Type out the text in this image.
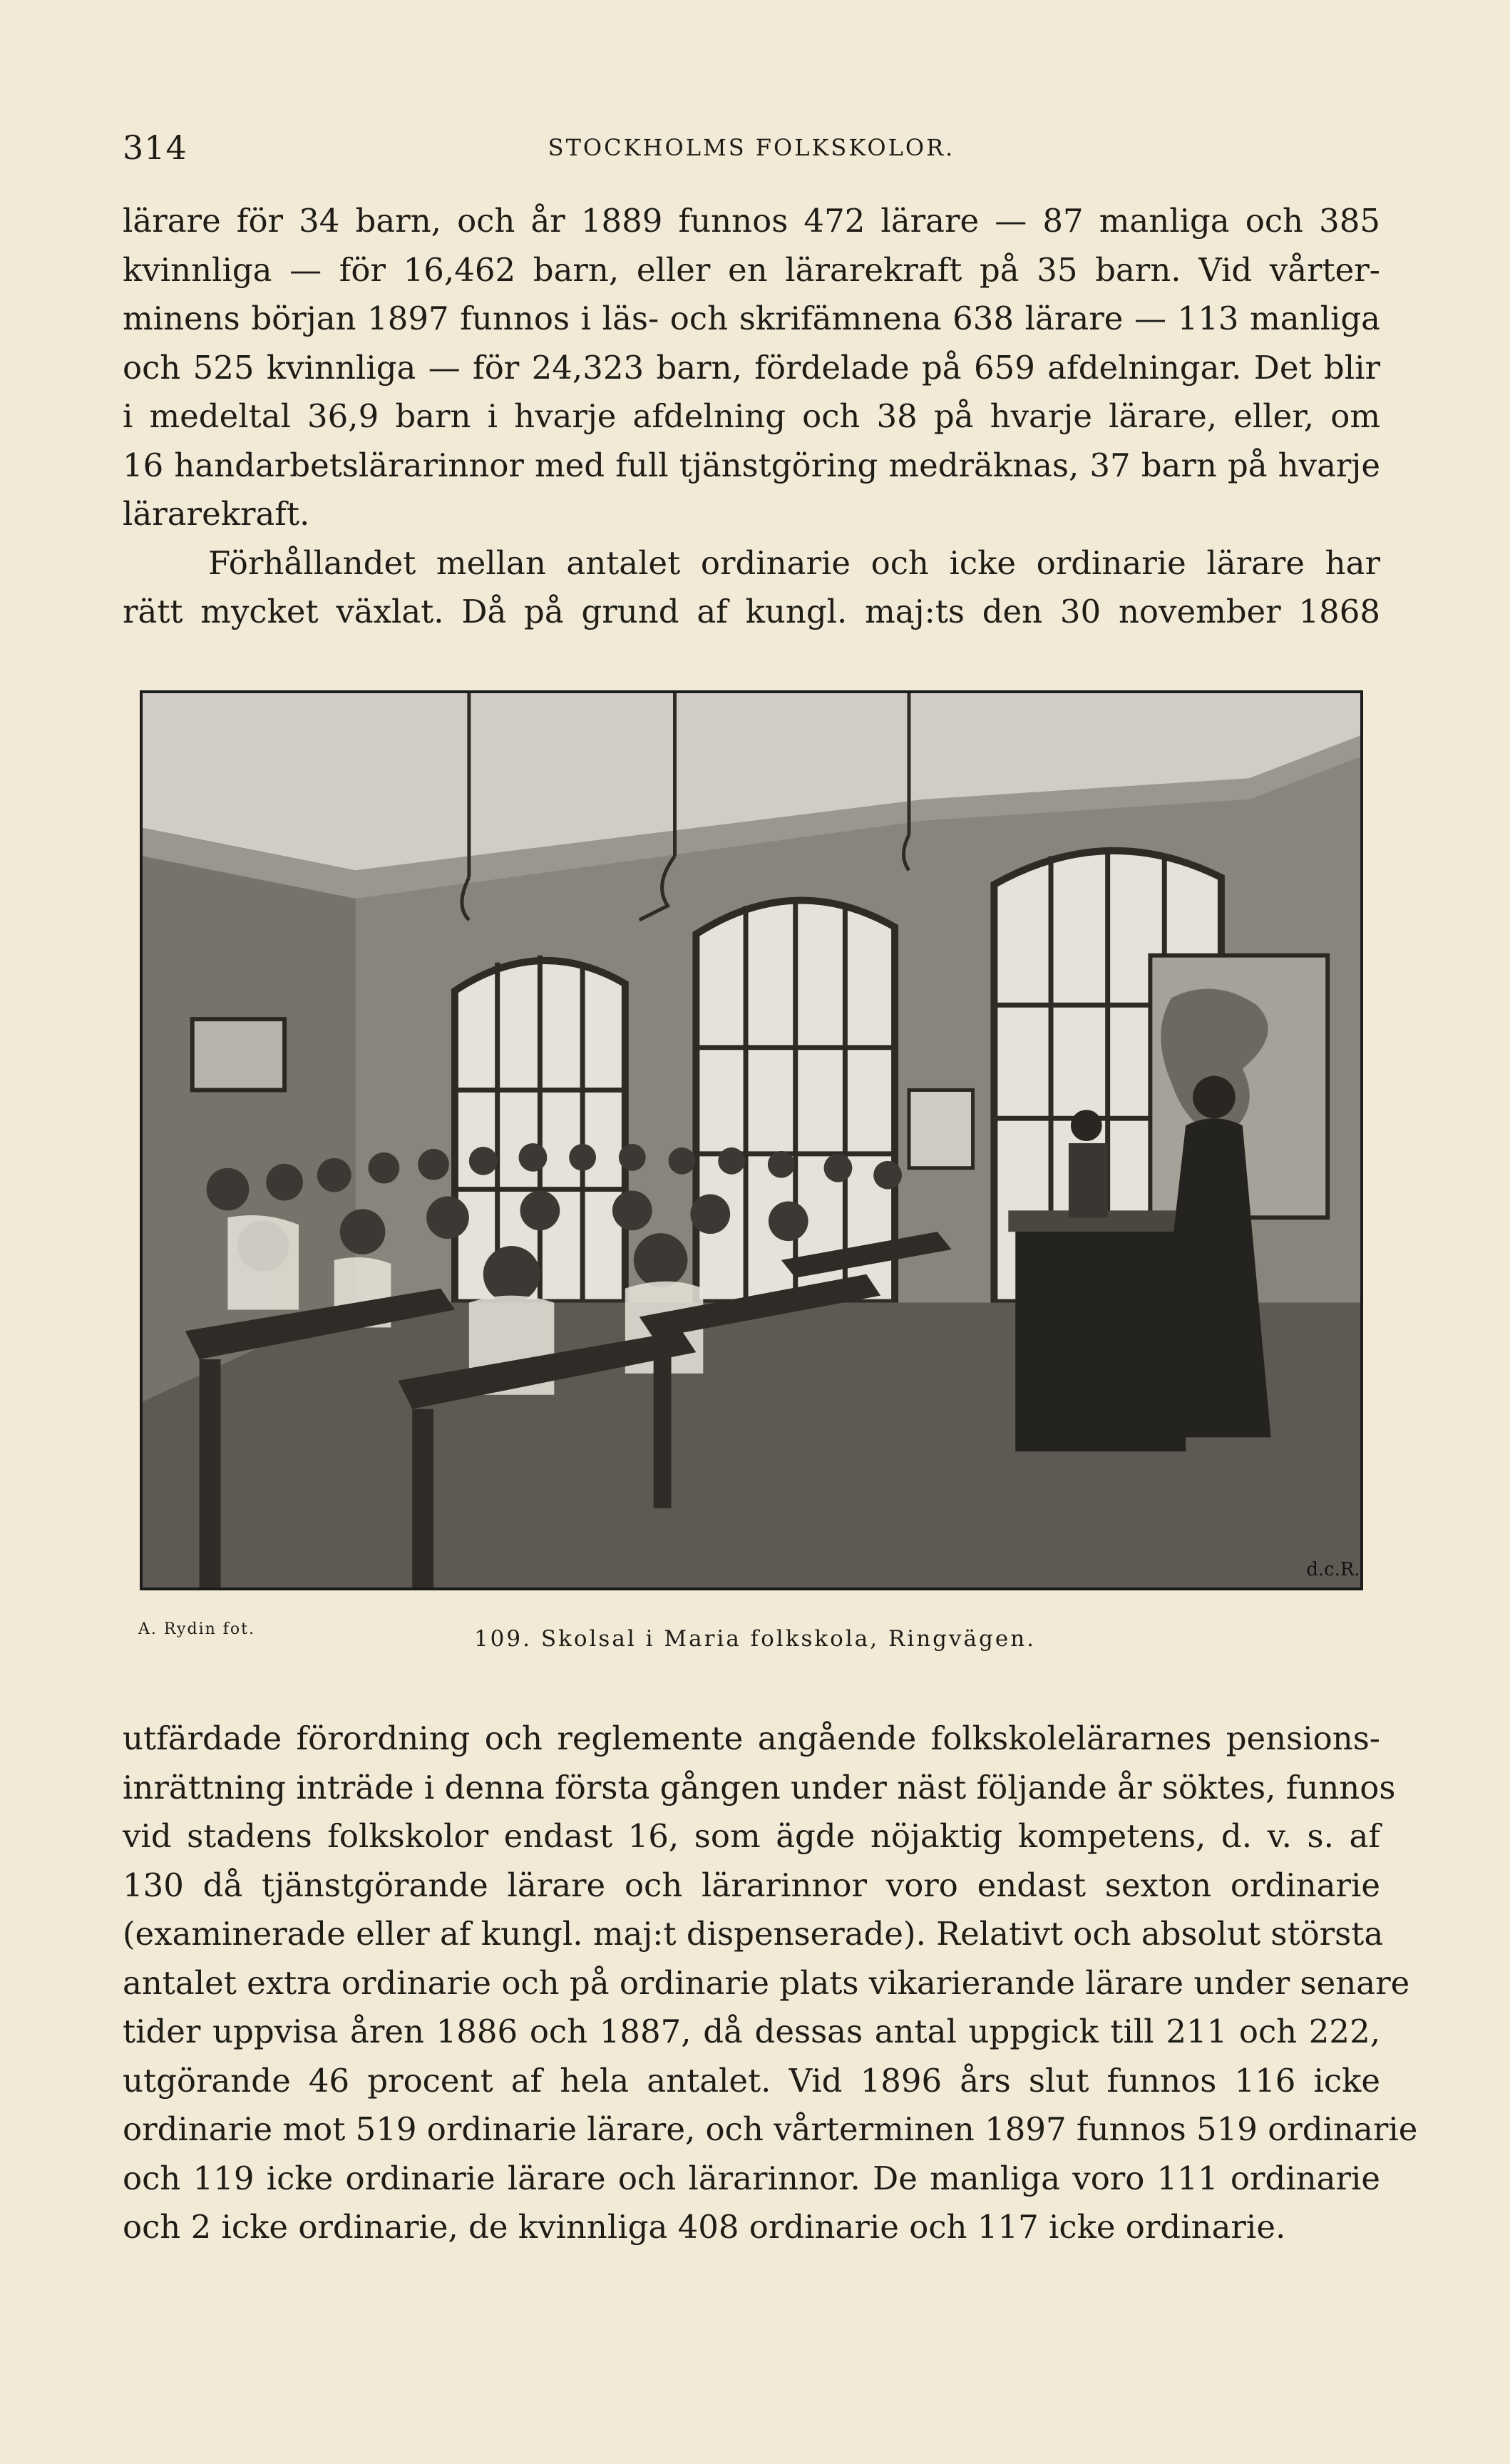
314	STOCKHOLMS FOLKSKOLOR.
lärare för 34 barn, och år 1889 funnos 472 lärare — 87 manliga och 385
kvinnliga — för 16,462 barn, eller en lärarekraft på 35 barn. Vid vårter-
minens början 1897 funnos i läs- och skrifämnena 638 lärare — 113 manliga
och 525 kvinnliga — för 24,323 barn, fördelade på 659 afdelningar. Det blir
i medeltal 36,9 barn i hvarje afdelning och 38 på hvarje lärare, eller, om
16 handarbetslärarinnor med full tjänstgöring medräknas, 37 barn på hvarje
lärarekraft.
Förhållandet mellan antalet ordinarie och icke ordinarie lärare har
rätt mycket växlat. Då på grund af kungl. maj:ts den 30 november 1868
d.c.R.
A. Rydin fot.	109. Skolsal i Maria folkskola, Ringvägen.
utfärdade förordning och reglemente angående folkskolelärarnes pensions-
inrättning inträde i denna första gången under näst följande år söktes, funnos
vid stadens folkskolor endast 16, som ägde nöjaktig kompetens, d. v. s. af
130 då tjänstgörande lärare och lärarinnor voro endast sexton ordinarie
(examinerade eller af kungl. maj:t dispenserade). Relativt och absolut största
antalet extra ordinarie och på ordinarie plats vikarierande lärare under senare
tider uppvisa åren 1886 och 1887, då dessas antal uppgick till 211 och 222,
utgörande 46 procent af hela antalet. Vid 1896 års slut funnos 116 icke
ordinarie mot 519 ordinarie lärare, och vårterminen 1897 funnos 519 ordinarie
och 119 icke ordinarie lärare och lärarinnor. De manliga voro 111 ordinarie
och 2 icke ordinarie, de kvinnliga 408 ordinarie och 117 icke ordinarie.
